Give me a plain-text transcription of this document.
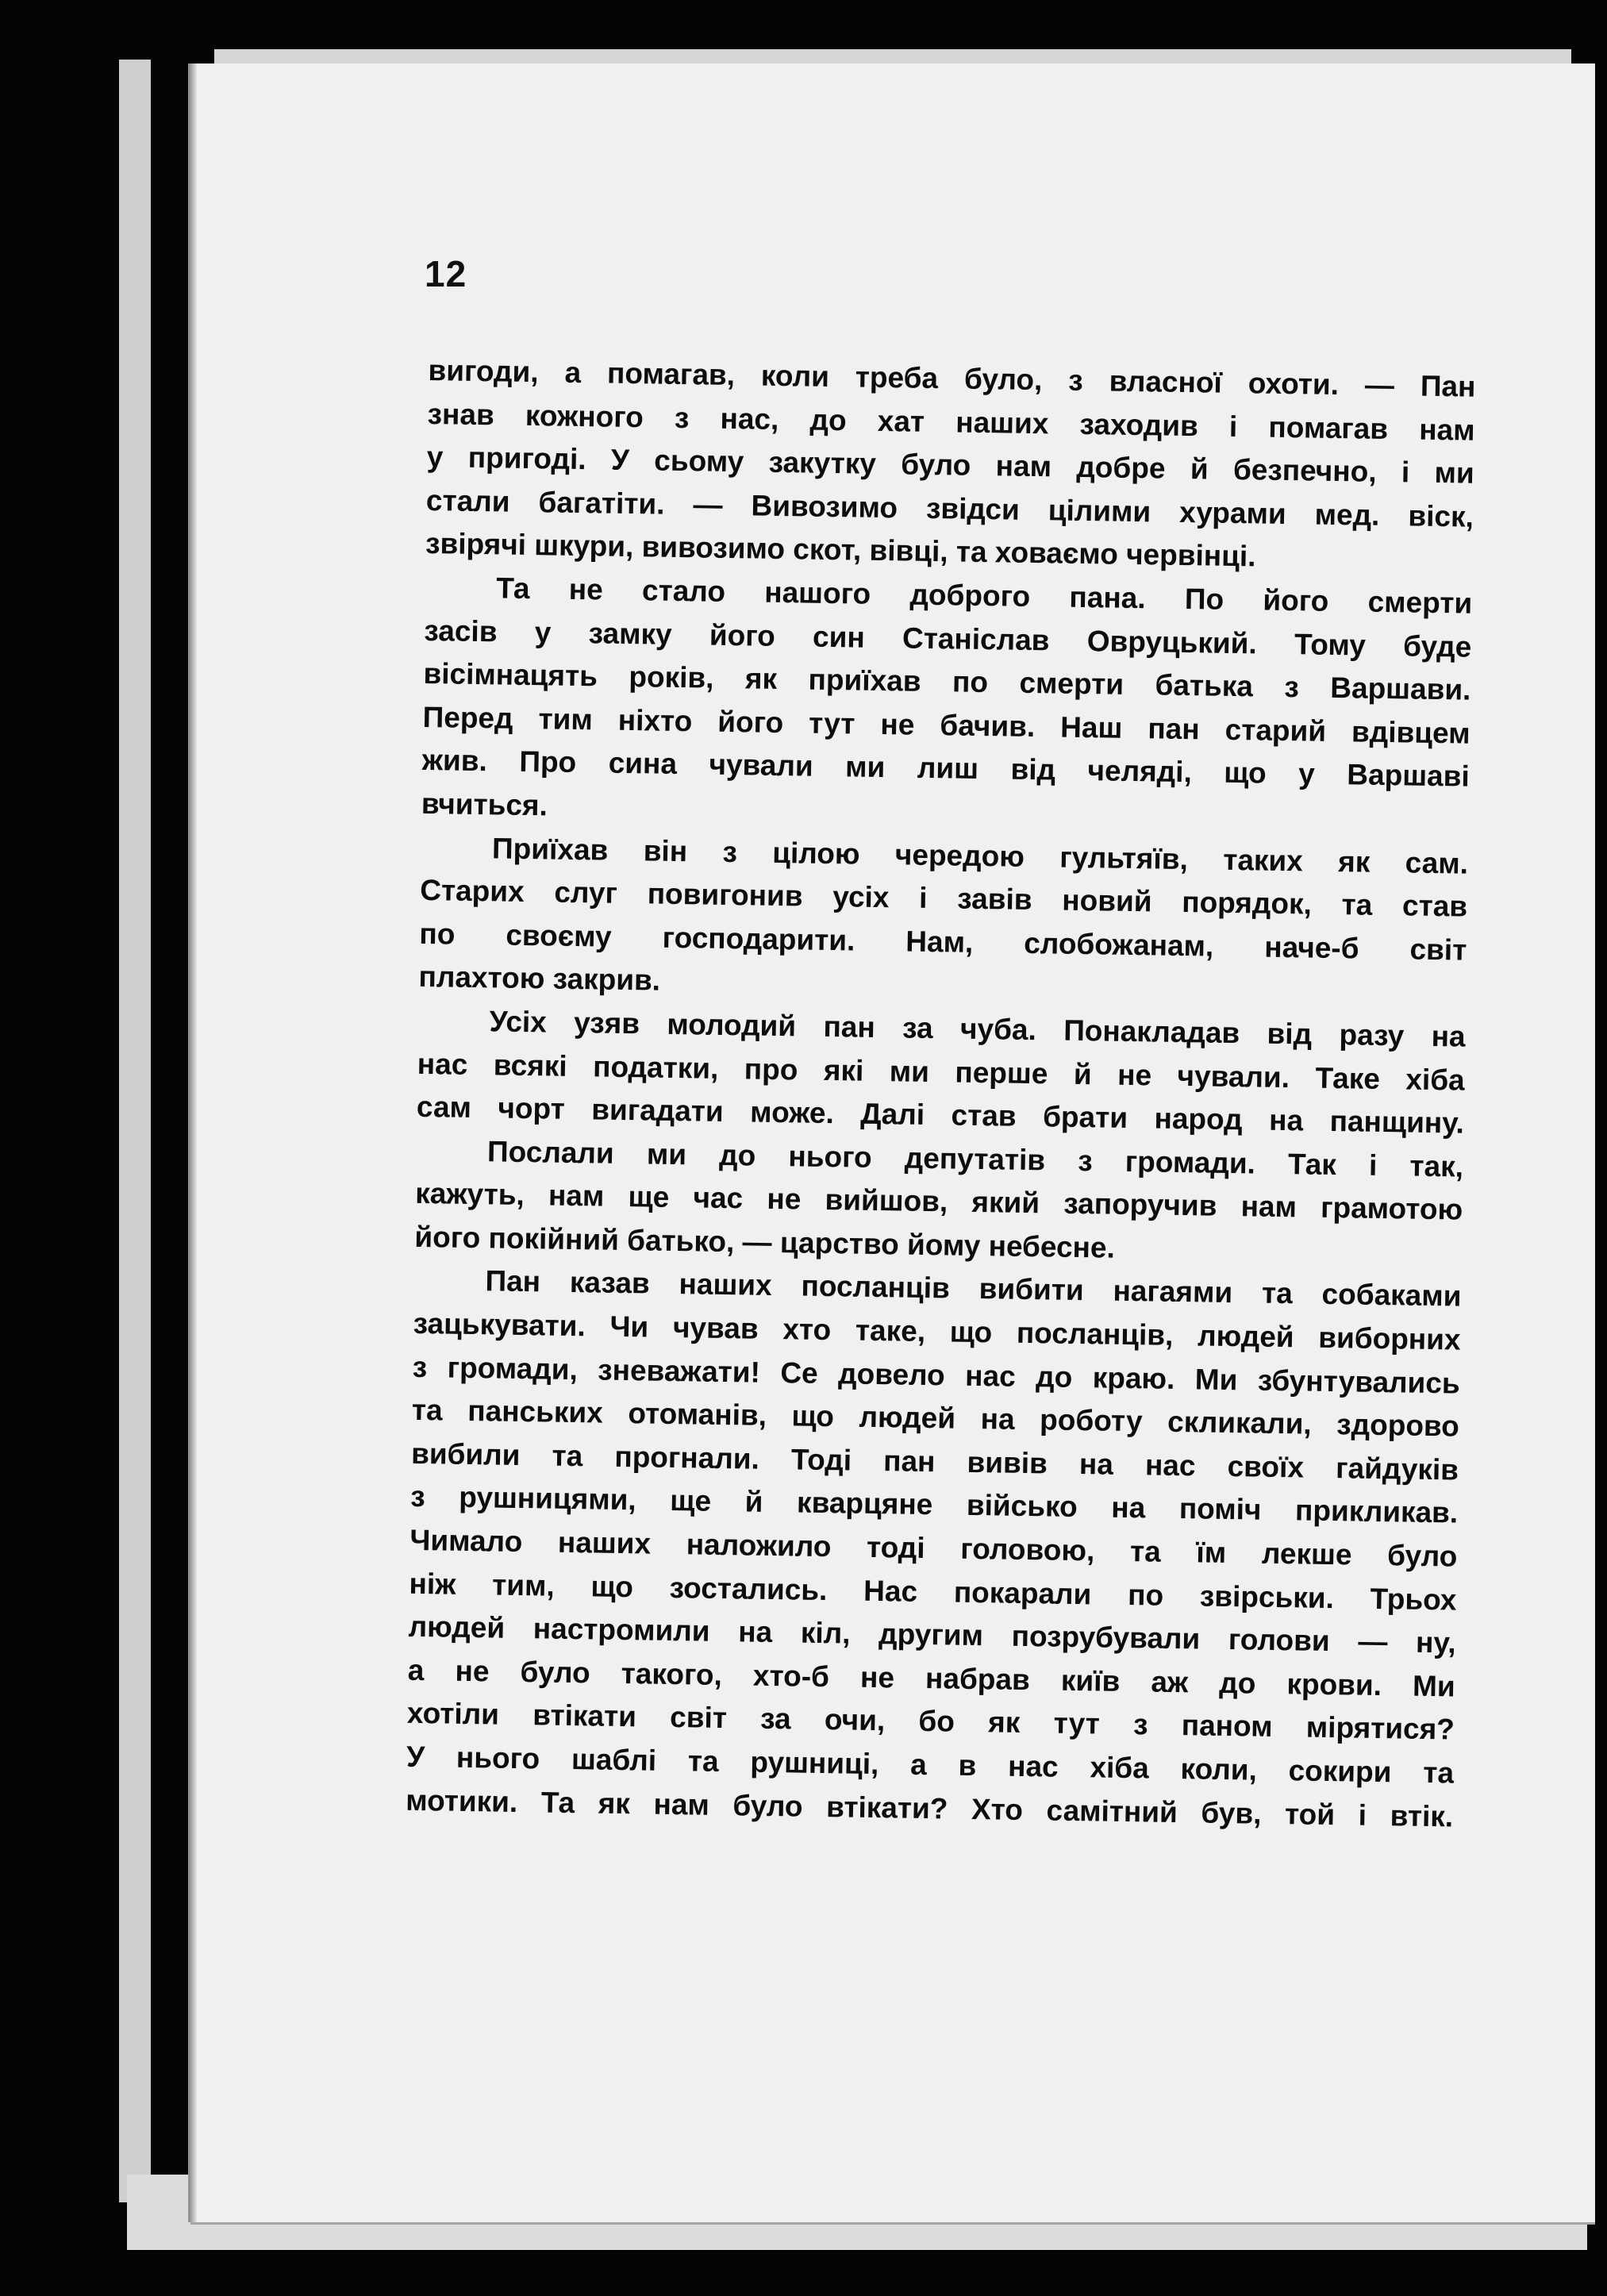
12
вигоди, а помагав, коли треба було, з власної охоти. — Пан
знав кожного з нас, до хат наших заходив і помагав нам
у пригоді. У сьому закутку було нам добре й безпечно, і ми
стали багатіти. — Вивозимо звідси цілими хурами мед. віск,
звірячі шкури, вивозимо скот, вівці, та ховаємо червінці.
Та не стало нашого доброго пана. По його смерти
засів у замку його син Станіслав Овруцький. Тому буде
вісімнацять років, як приїхав по смерти батька з Варшави.
Перед тим ніхто його тут не бачив. Наш пан старий вдівцем
жив. Про сина чували ми лиш від челяді, що у Варшаві
вчиться.
Приїхав він з цілою чередою гультяїв, таких як сам.
Старих слуг повигонив усіх і завів новий порядок, та став
по своєму господарити. Нам, слобожанам, наче-б світ
плахтою закрив.
Усіх узяв молодий пан за чуба. Понакладав від разу на
нас всякі податки, про які ми перше й не чували. Таке хіба
сам чорт вигадати може. Далі став брати народ на панщину.
Послали ми до нього депутатів з громади. Так і так,
кажуть, нам ще час не вийшов, який запоручив нам грамотою
його покійний батько, — царство йому небесне.
Пан казав наших посланців вибити нагаями та собаками
зацькувати. Чи чував хто таке, що посланців, людей виборних
з громади, зневажати! Се довело нас до краю. Ми збунтувались
та панських отоманів, що людей на роботу скликали, здорово
вибили та прогнали. Тоді пан вивів на нас своїх гайдуків
з рушницями, ще й кварцяне військо на поміч прикликав.
Чимало наших наложило тоді головою, та їм лекше було
ніж тим, що зостались. Нас покарали по звірськи. Трьох
людей настромили на кіл, другим позрубували голови — ну,
а не було такого, хто-б не набрав київ аж до крови. Ми
хотіли втікати світ за очи, бо як тут з паном мірятися?
У нього шаблі та рушниці, а в нас хіба коли, сокири та
мотики. Та як нам було втікати? Хто самітний був, той і втік.
